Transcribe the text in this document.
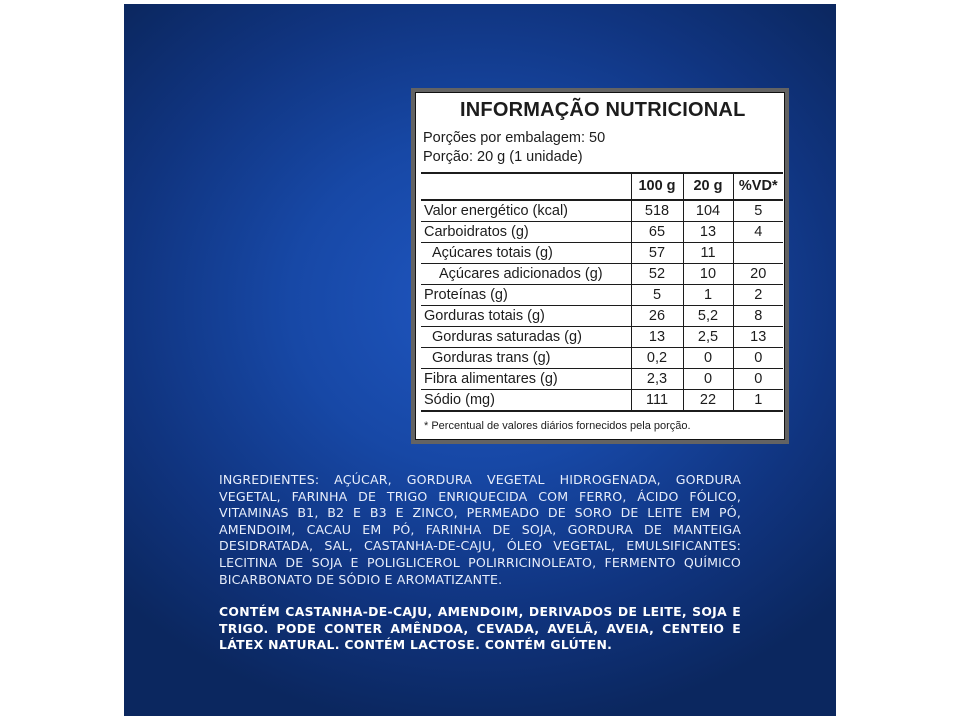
INFORMAÇÃO NUTRICIONAL
Porções por embalagem: 50
Porção: 20 g (1 unidade)
	100 g	20 g	%VD*
Valor energético (kcal)	518	104	5
Carboidratos (g)	65	13	4
Açúcares totais (g)	57	11	
Açúcares adicionados (g)	52	10	20
Proteínas (g)	5	1	2
Gorduras totais (g)	26	5,2	8
Gorduras saturadas (g)	13	2,5	13
Gorduras trans (g)	0,2	0	0
Fibra alimentares (g)	2,3	0	0
Sódio (mg)	111	22	1
* Percentual de valores diários fornecidos pela porção.
INGREDIENTES: AÇÚCAR, GORDURA VEGETAL HIDROGENADA, GORDURA VEGETAL, FARINHA DE TRIGO ENRIQUECIDA COM FERRO, ÁCIDO FÓLICO, VITAMINAS B1, B2 E B3 E ZINCO, PERMEADO DE SORO DE LEITE EM PÓ, AMENDOIM, CACAU EM PÓ, FARINHA DE SOJA, GORDURA DE MANTEIGA DESIDRATADA, SAL, CASTANHA-DE-CAJU, ÓLEO VEGETAL, EMULSIFICANTES: LECITINA DE SOJA E POLIGLICEROL POLIRRICINOLEATO, FERMENTO QUÍMICO BICARBONATO DE SÓDIO E AROMATIZANTE.
CONTÉM CASTANHA-DE-CAJU, AMENDOIM, DERIVADOS DE LEITE, SOJA E TRIGO. PODE CONTER AMÊNDOA, CEVADA, AVELÃ, AVEIA, CENTEIO E LÁTEX NATURAL. CONTÉM LACTOSE. CONTÉM GLÚTEN.
